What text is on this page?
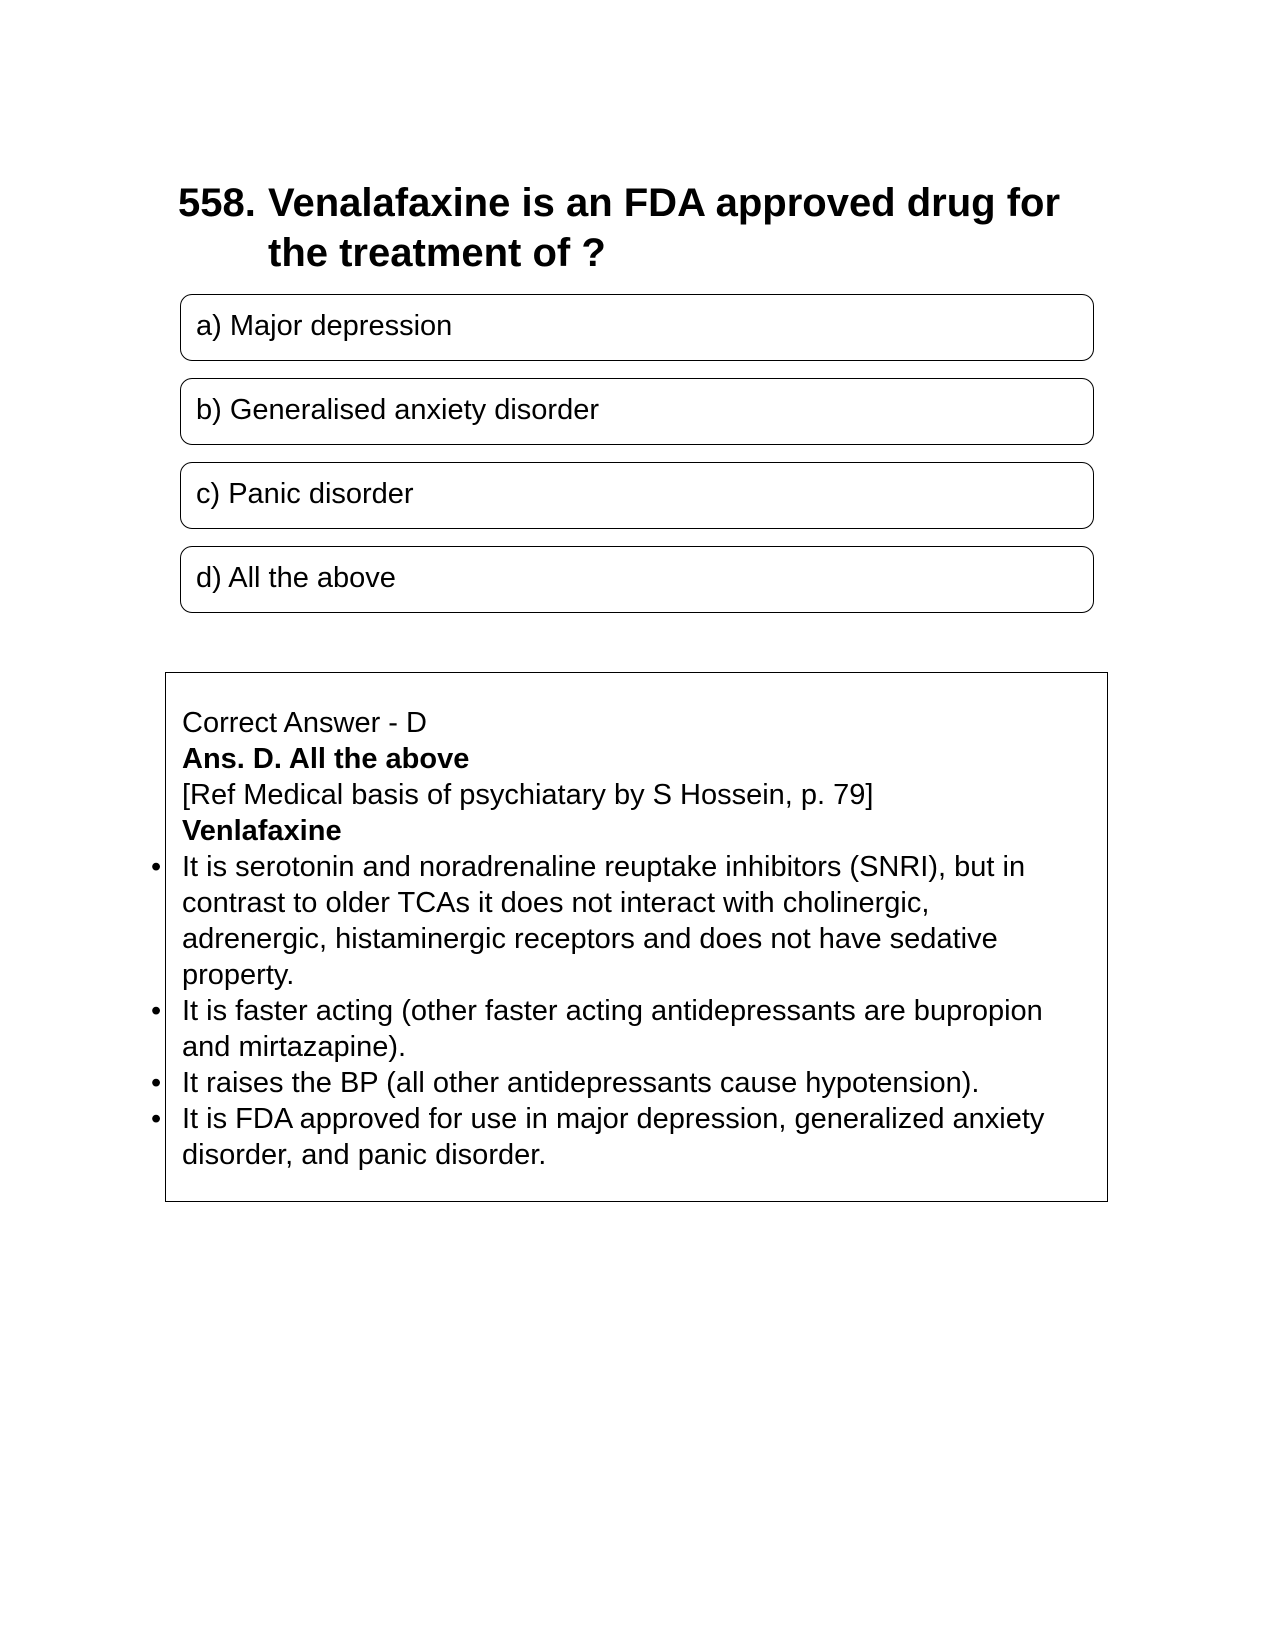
558. Venalafaxine is an FDA approved drug for the treatment of ?
a) Major depression
b) Generalised anxiety disorder
c) Panic disorder
d) All the above
Correct Answer - D
Ans. D. All the above
[Ref Medical basis of psychiatary by S Hossein, p. 79]
Venlafaxine
• It is serotonin and noradrenaline reuptake inhibitors (SNRI), but in contrast to older TCAs it does not interact with cholinergic, adrenergic, histaminergic receptors and does not have sedative property.
• It is faster acting (other faster acting antidepressants are bupropion and mirtazapine).
• It raises the BP (all other antidepressants cause hypotension).
• It is FDA approved for use in major depression, generalized anxiety disorder, and panic disorder.
